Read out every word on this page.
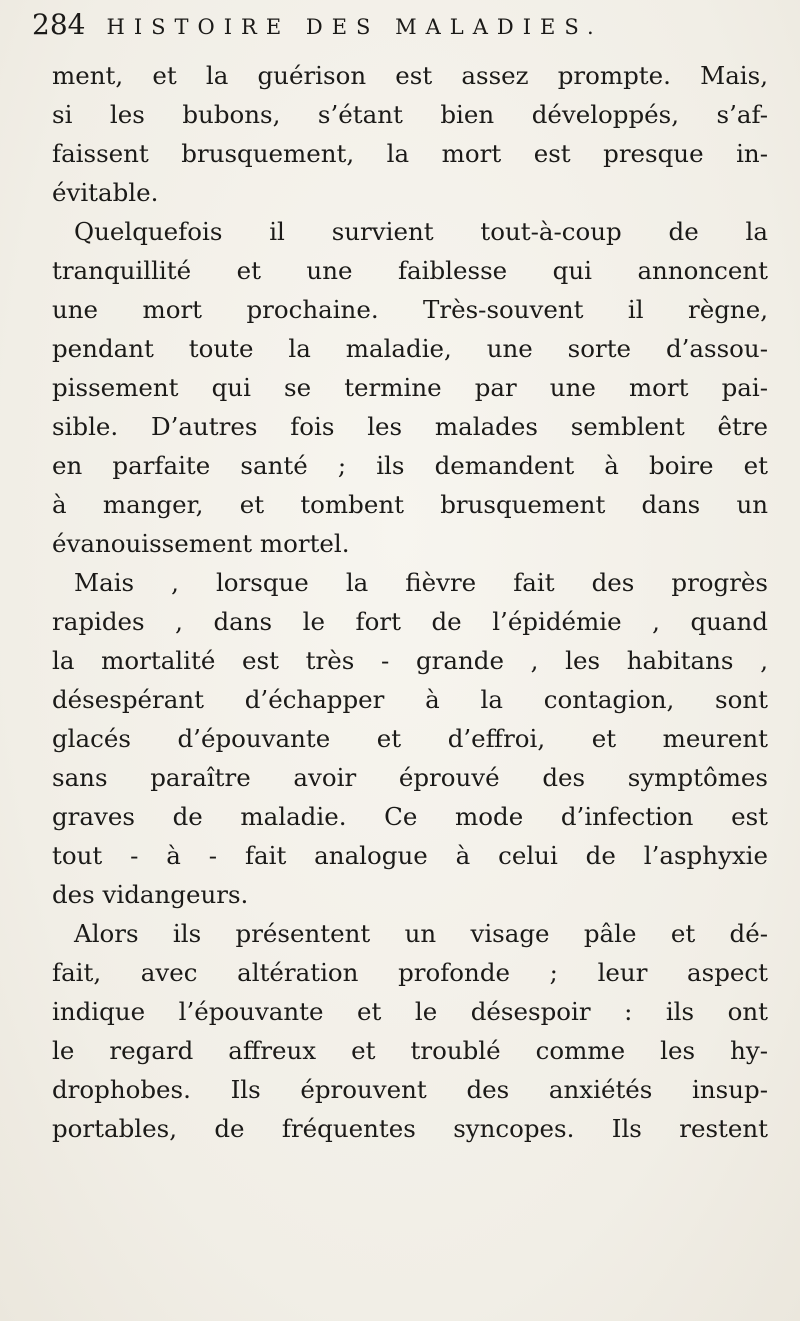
284 HISTOIRE DES MALADIES.
ment, et la guérison est assez prompte. Mais,
si les bubons, s’étant bien développés, s’af-
faissent brusquement, la mort est presque in-
évitable.
Quelquefois il survient tout-à-coup de la
tranquillité et une faiblesse qui annoncent
une mort prochaine. Très-souvent il règne,
pendant toute la maladie, une sorte d’assou-
pissement qui se termine par une mort pai-
sible. D’autres fois les malades semblent être
en parfaite santé ; ils demandent à boire et
à manger, et tombent brusquement dans un
évanouissement mortel.
Mais , lorsque la fièvre fait des progrès
rapides , dans le fort de l’épidémie , quand
la mortalité est très - grande , les habitans ,
désespérant d’échapper à la contagion, sont
glacés d’épouvante et d’effroi, et meurent
sans paraître avoir éprouvé des symptômes
graves de maladie. Ce mode d’infection est
tout - à - fait analogue à celui de l’asphyxie
des vidangeurs.
Alors ils présentent un visage pâle et dé-
fait, avec altération profonde ; leur aspect
indique l’épouvante et le désespoir : ils ont
le regard affreux et troublé comme les hy-
drophobes. Ils éprouvent des anxiétés insup-
portables, de fréquentes syncopes. Ils restent
